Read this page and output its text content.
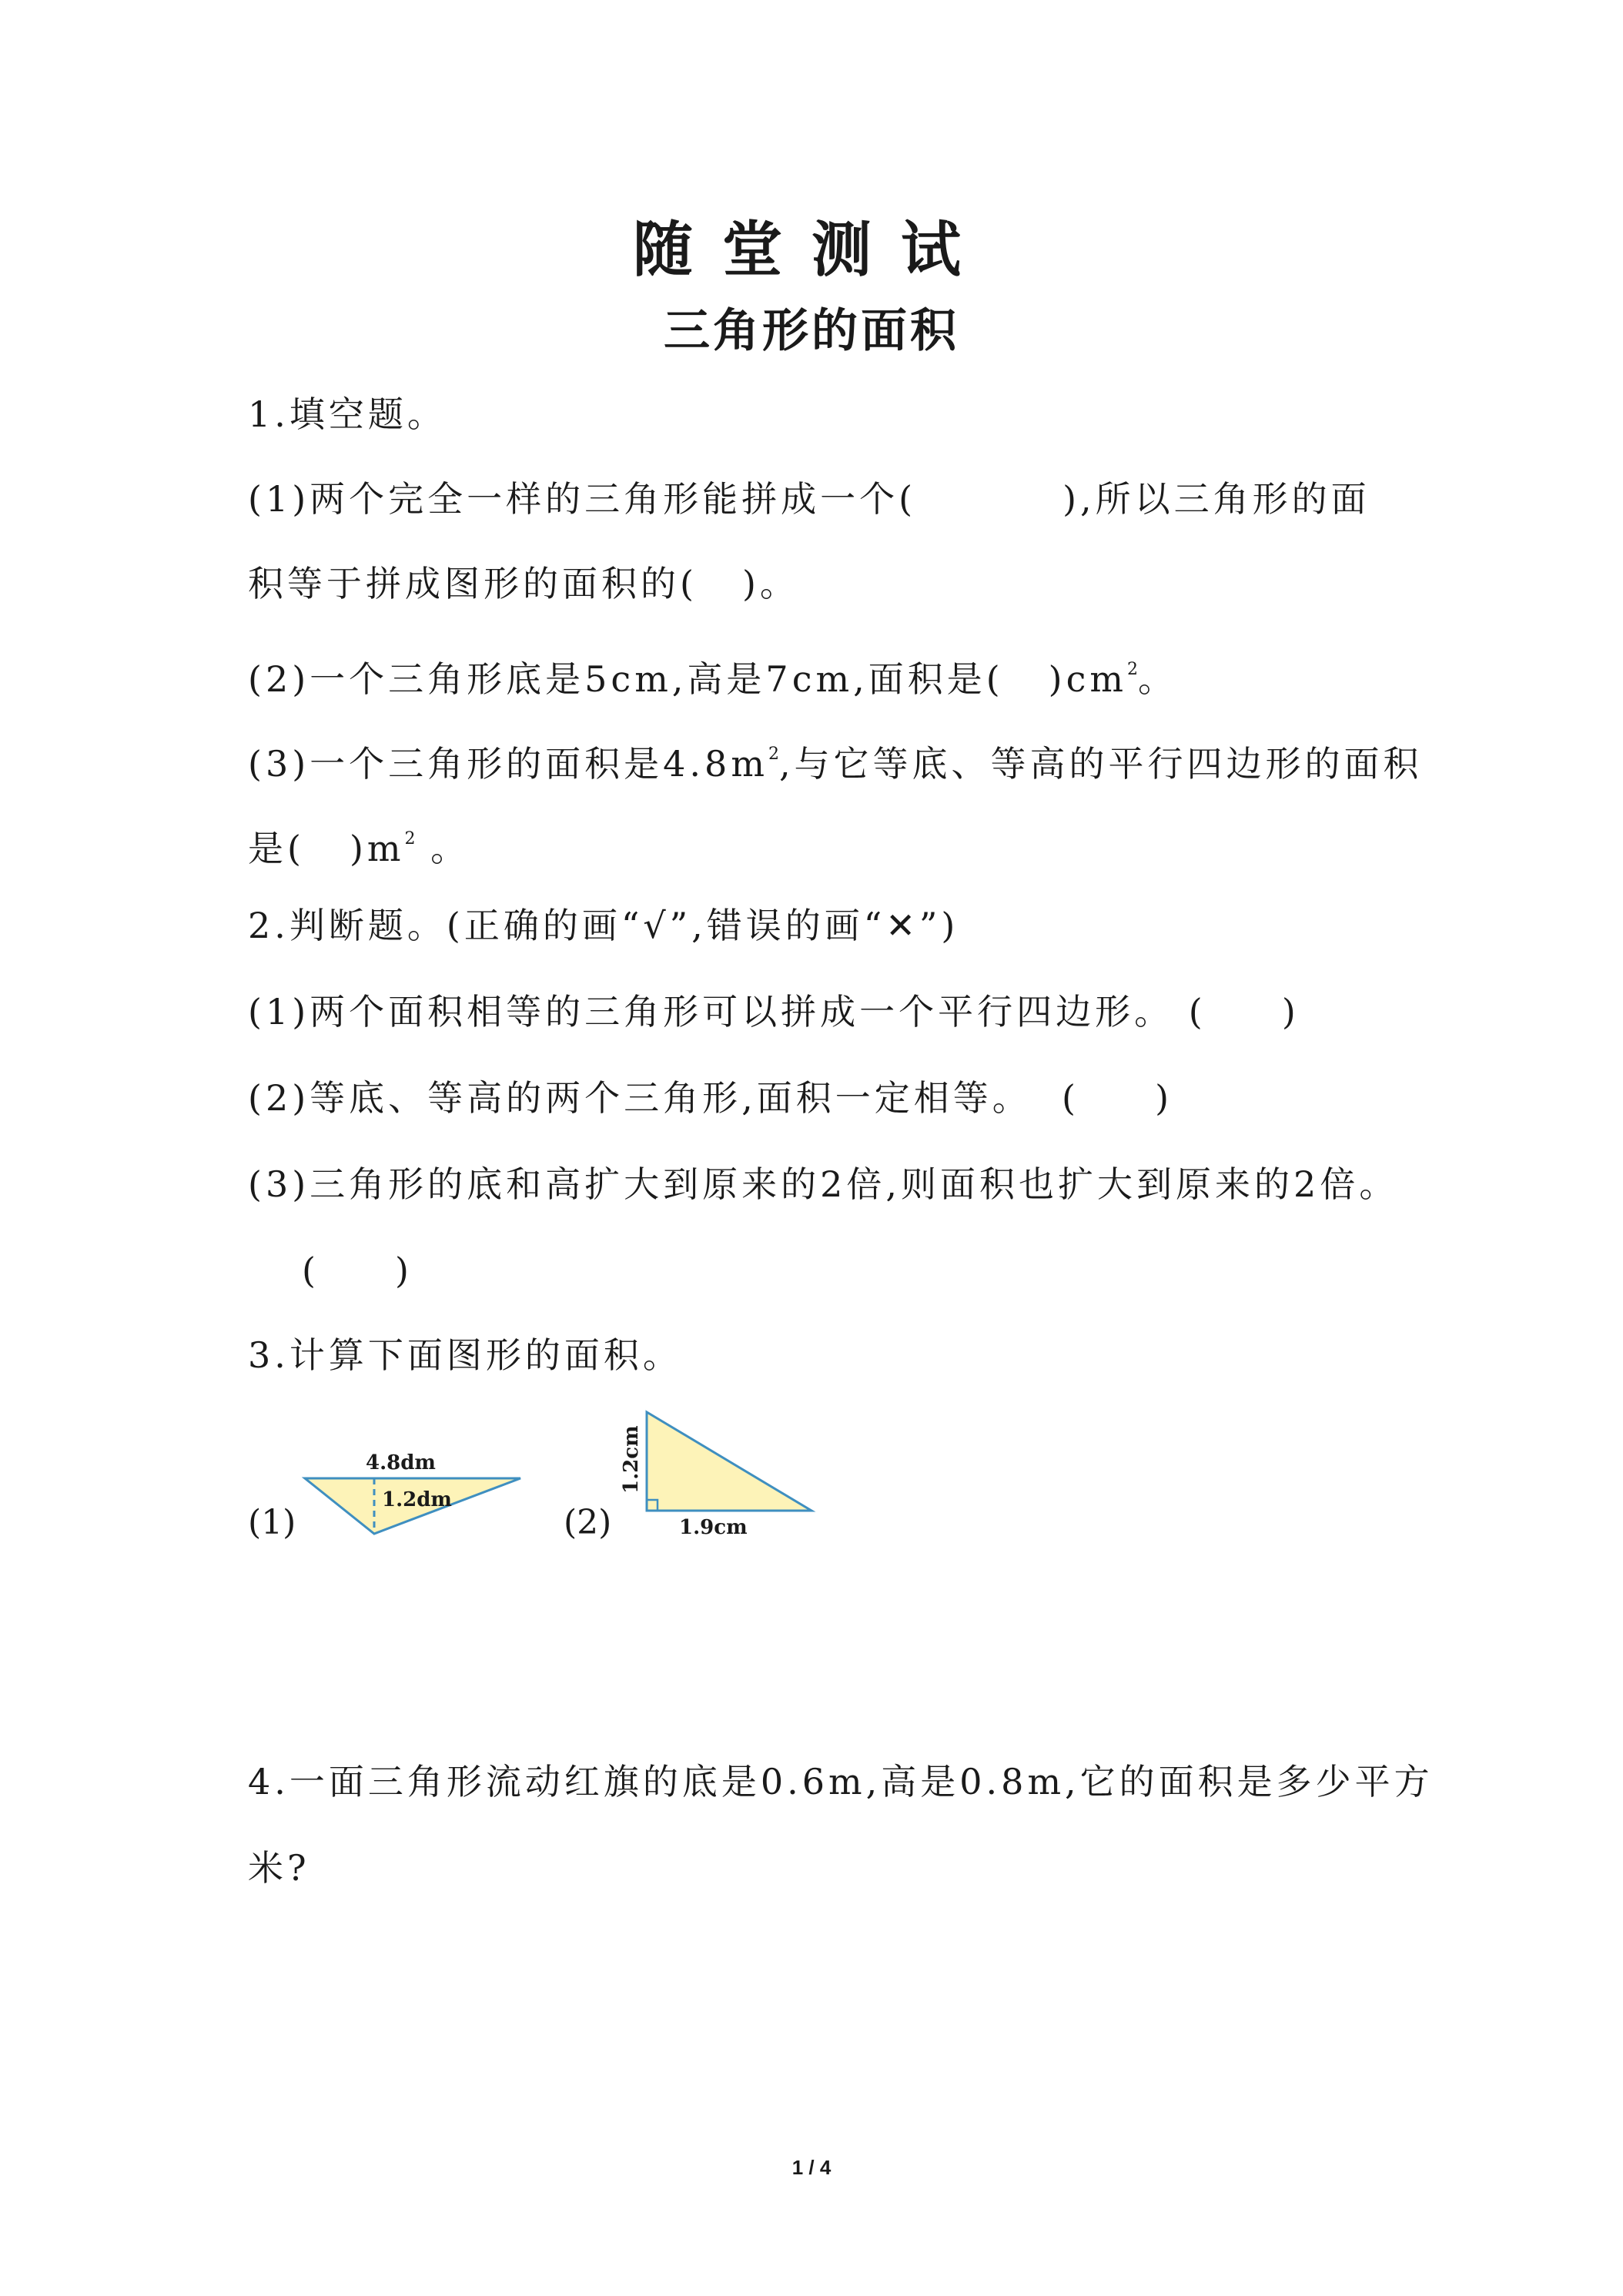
随堂测试
三角形的面积
1.填空题。
(1)两个完全一样的三角形能拼成一个(	),所以三角形的面
积等于拼成图形的面积的( )。
(2)一个三角形底是5cm,高是7cm,面积是( )$cm^2$。
(3)一个三角形的面积是$4.8m^2$,与它等底、等高的平行四边形的面积
是( )$m^2$ 。
2.判断题。(正确的画“√”,错误的画“✕”)
(1)两个面积相等的三角形可以拼成一个平行四边形。 (     )
(2)等底、等高的两个三角形,面积一定相等。  (     )
(3)三角形的底和高扩大到原来的2倍,则面积也扩大到原来的2倍。
(     )
3.计算下面图形的面积。
(1)
4.8dm
1.2dm
(2)
1.2cm
1.9cm
4.一面三角形流动红旗的底是0.6m,高是0.8m,它的面积是多少平方
米?
1 / 4
